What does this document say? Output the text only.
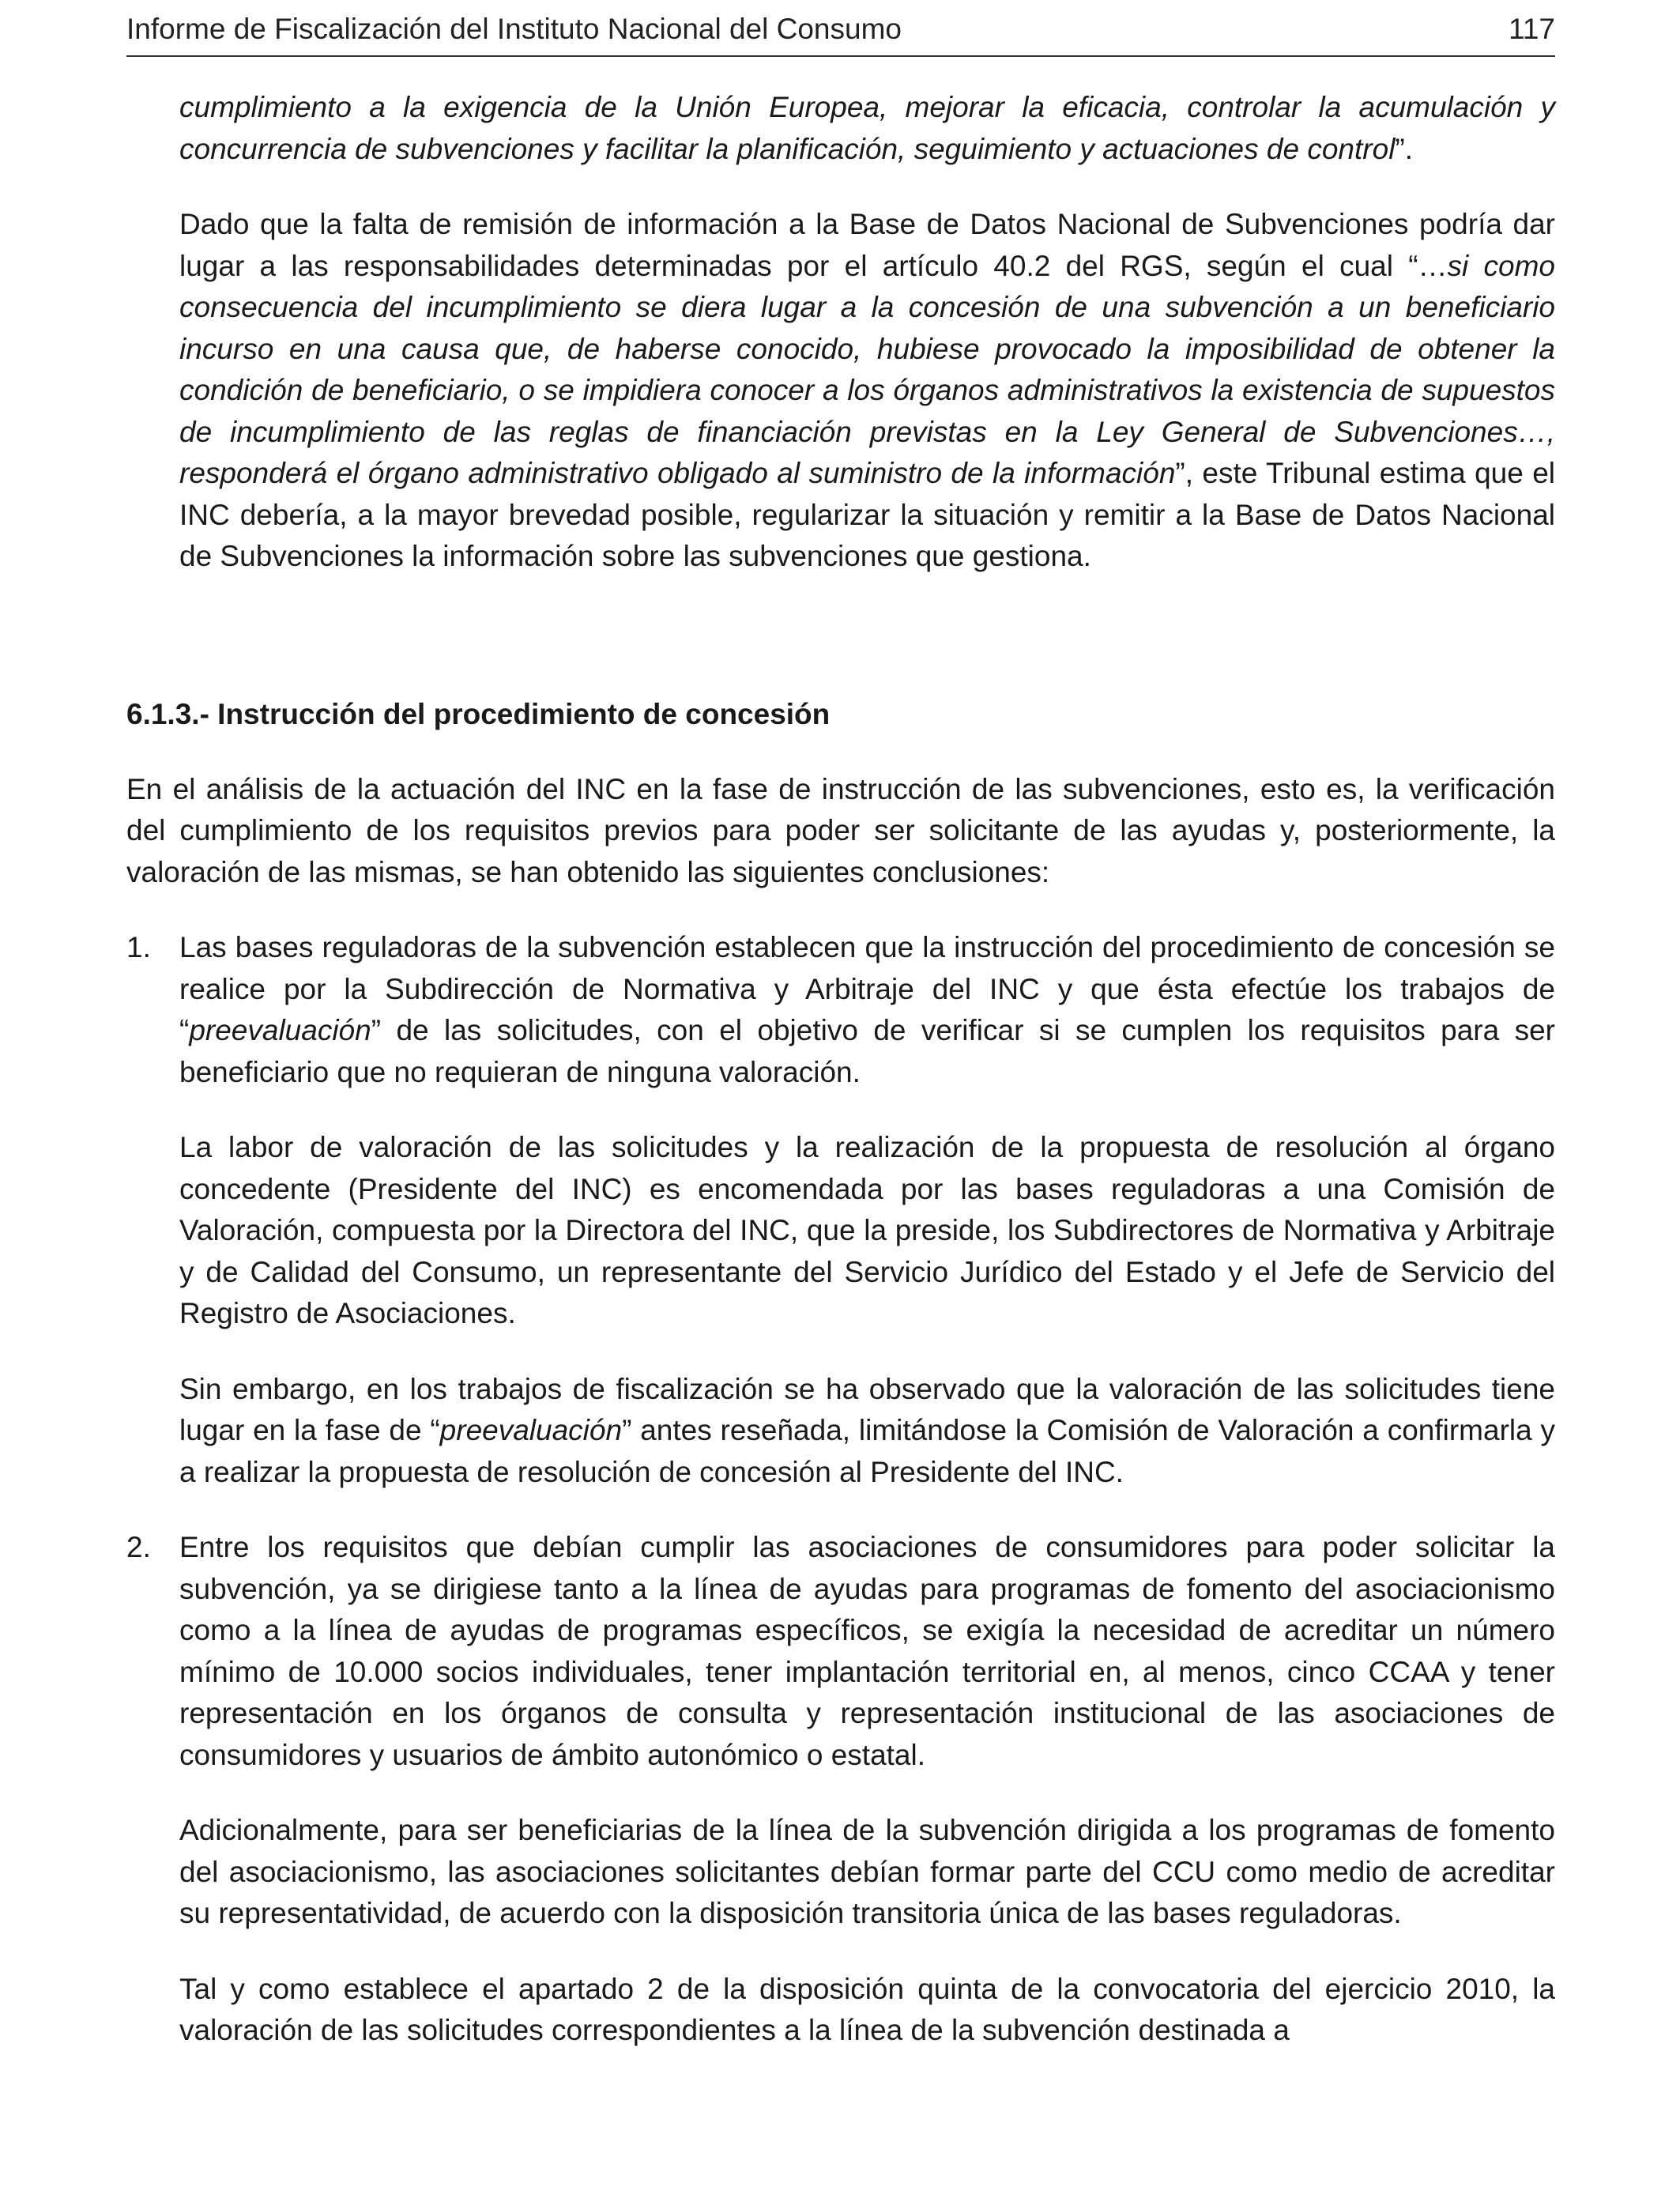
Informe de Fiscalización del Instituto Nacional del Consumo	117

cumplimiento a la exigencia de la Unión Europea, mejorar la eficacia, controlar la acumulación y concurrencia de subvenciones y facilitar la planificación, seguimiento y actuaciones de control”.

Dado que la falta de remisión de información a la Base de Datos Nacional de Subvenciones podría dar lugar a las responsabilidades determinadas por el artículo 40.2 del RGS, según el cual “…si como consecuencia del incumplimiento se diera lugar a la concesión de una subvención a un beneficiario incurso en una causa que, de haberse conocido, hubiese provocado la imposibilidad de obtener la condición de beneficiario, o se impidiera conocer a los órganos administrativos la existencia de supuestos de incumplimiento de las reglas de financiación previstas en la Ley General de Subvenciones…, responderá el órgano administrativo obligado al suministro de la información”, este Tribunal estima que el INC debería, a la mayor brevedad posible, regularizar la situación y remitir a la Base de Datos Nacional de Subvenciones la información sobre las subvenciones que gestiona.

6.1.3.- Instrucción del procedimiento de concesión

En el análisis de la actuación del INC en la fase de instrucción de las subvenciones, esto es, la verificación del cumplimiento de los requisitos previos para poder ser solicitante de las ayudas y, posteriormente, la valoración de las mismas, se han obtenido las siguientes conclusiones:

1. Las bases reguladoras de la subvención establecen que la instrucción del procedimiento de concesión se realice por la Subdirección de Normativa y Arbitraje del INC y que ésta efectúe los trabajos de “preevaluación” de las solicitudes, con el objetivo de verificar si se cumplen los requisitos para ser beneficiario que no requieran de ninguna valoración.

La labor de valoración de las solicitudes y la realización de la propuesta de resolución al órgano concedente (Presidente del INC) es encomendada por las bases reguladoras a una Comisión de Valoración, compuesta por la Directora del INC, que la preside, los Subdirectores de Normativa y Arbitraje y de Calidad del Consumo, un representante del Servicio Jurídico del Estado y el Jefe de Servicio del Registro de Asociaciones.

Sin embargo, en los trabajos de fiscalización se ha observado que la valoración de las solicitudes tiene lugar en la fase de “preevaluación” antes reseñada, limitándose la Comisión de Valoración a confirmarla y a realizar la propuesta de resolución de concesión al Presidente del INC.

2. Entre los requisitos que debían cumplir las asociaciones de consumidores para poder solicitar la subvención, ya se dirigiese tanto a la línea de ayudas para programas de fomento del asociacionismo como a la línea de ayudas de programas específicos, se exigía la necesidad de acreditar un número mínimo de 10.000 socios individuales, tener implantación territorial en, al menos, cinco CCAA y tener representación en los órganos de consulta y representación institucional de las asociaciones de consumidores y usuarios de ámbito autonómico o estatal.

Adicionalmente, para ser beneficiarias de la línea de la subvención dirigida a los programas de fomento del asociacionismo, las asociaciones solicitantes debían formar parte del CCU como medio de acreditar su representatividad, de acuerdo con la disposición transitoria única de las bases reguladoras.

Tal y como establece el apartado 2 de la disposición quinta de la convocatoria del ejercicio 2010, la valoración de las solicitudes correspondientes a la línea de la subvención destinada a
